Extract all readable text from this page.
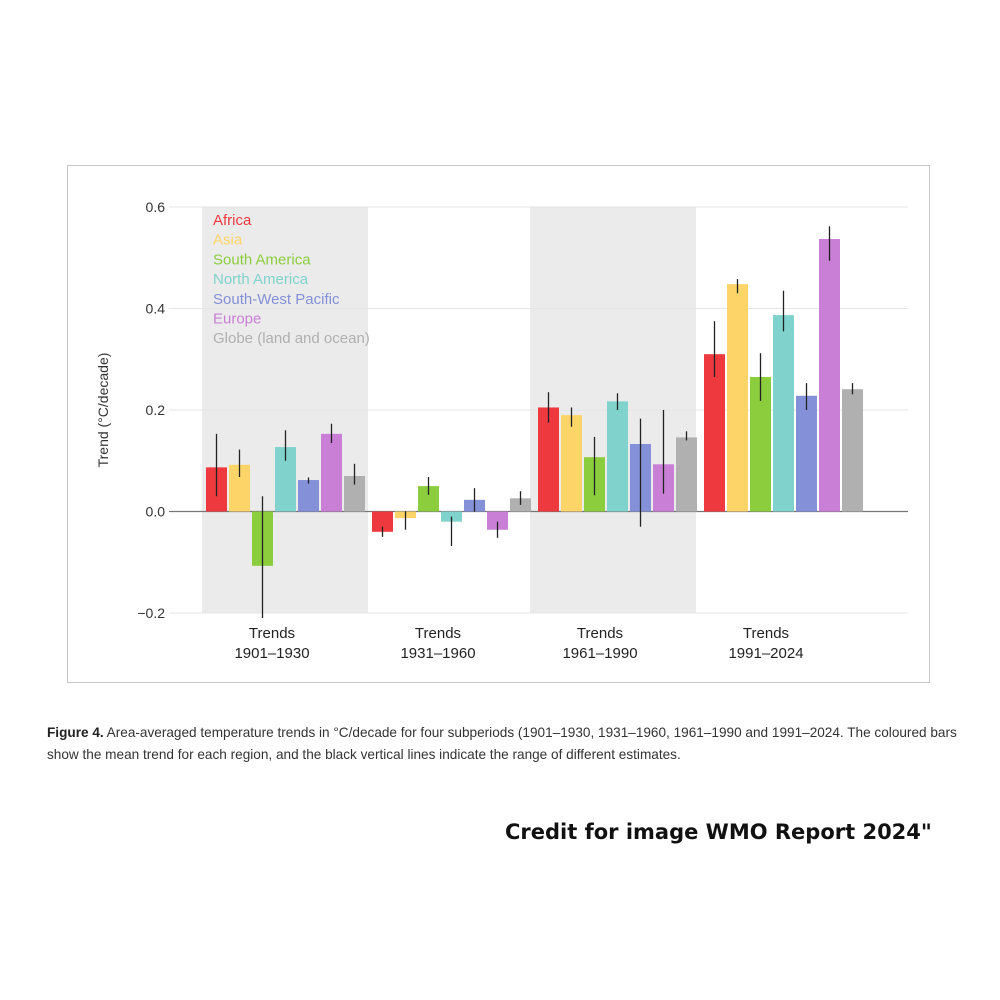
−0.2
0.0
0.2
0.4
0.6
Trends
1901–1930
Trends
1931–1960
Trends
1961–1990
Trends
1991–2024
Africa
Asia
South America
North America
South-West Pacific
Europe
Globe (land and ocean)
Trend (°C/decade)
Figure 4. Area-averaged temperature trends in °C/decade for four subperiods (1901–1930, 1931–1960, 1961–1990 and 1991–2024. The coloured bars show the mean trend for each region, and the black vertical lines indicate the range of different estimates.
Credit for image WMO Report 2024"
